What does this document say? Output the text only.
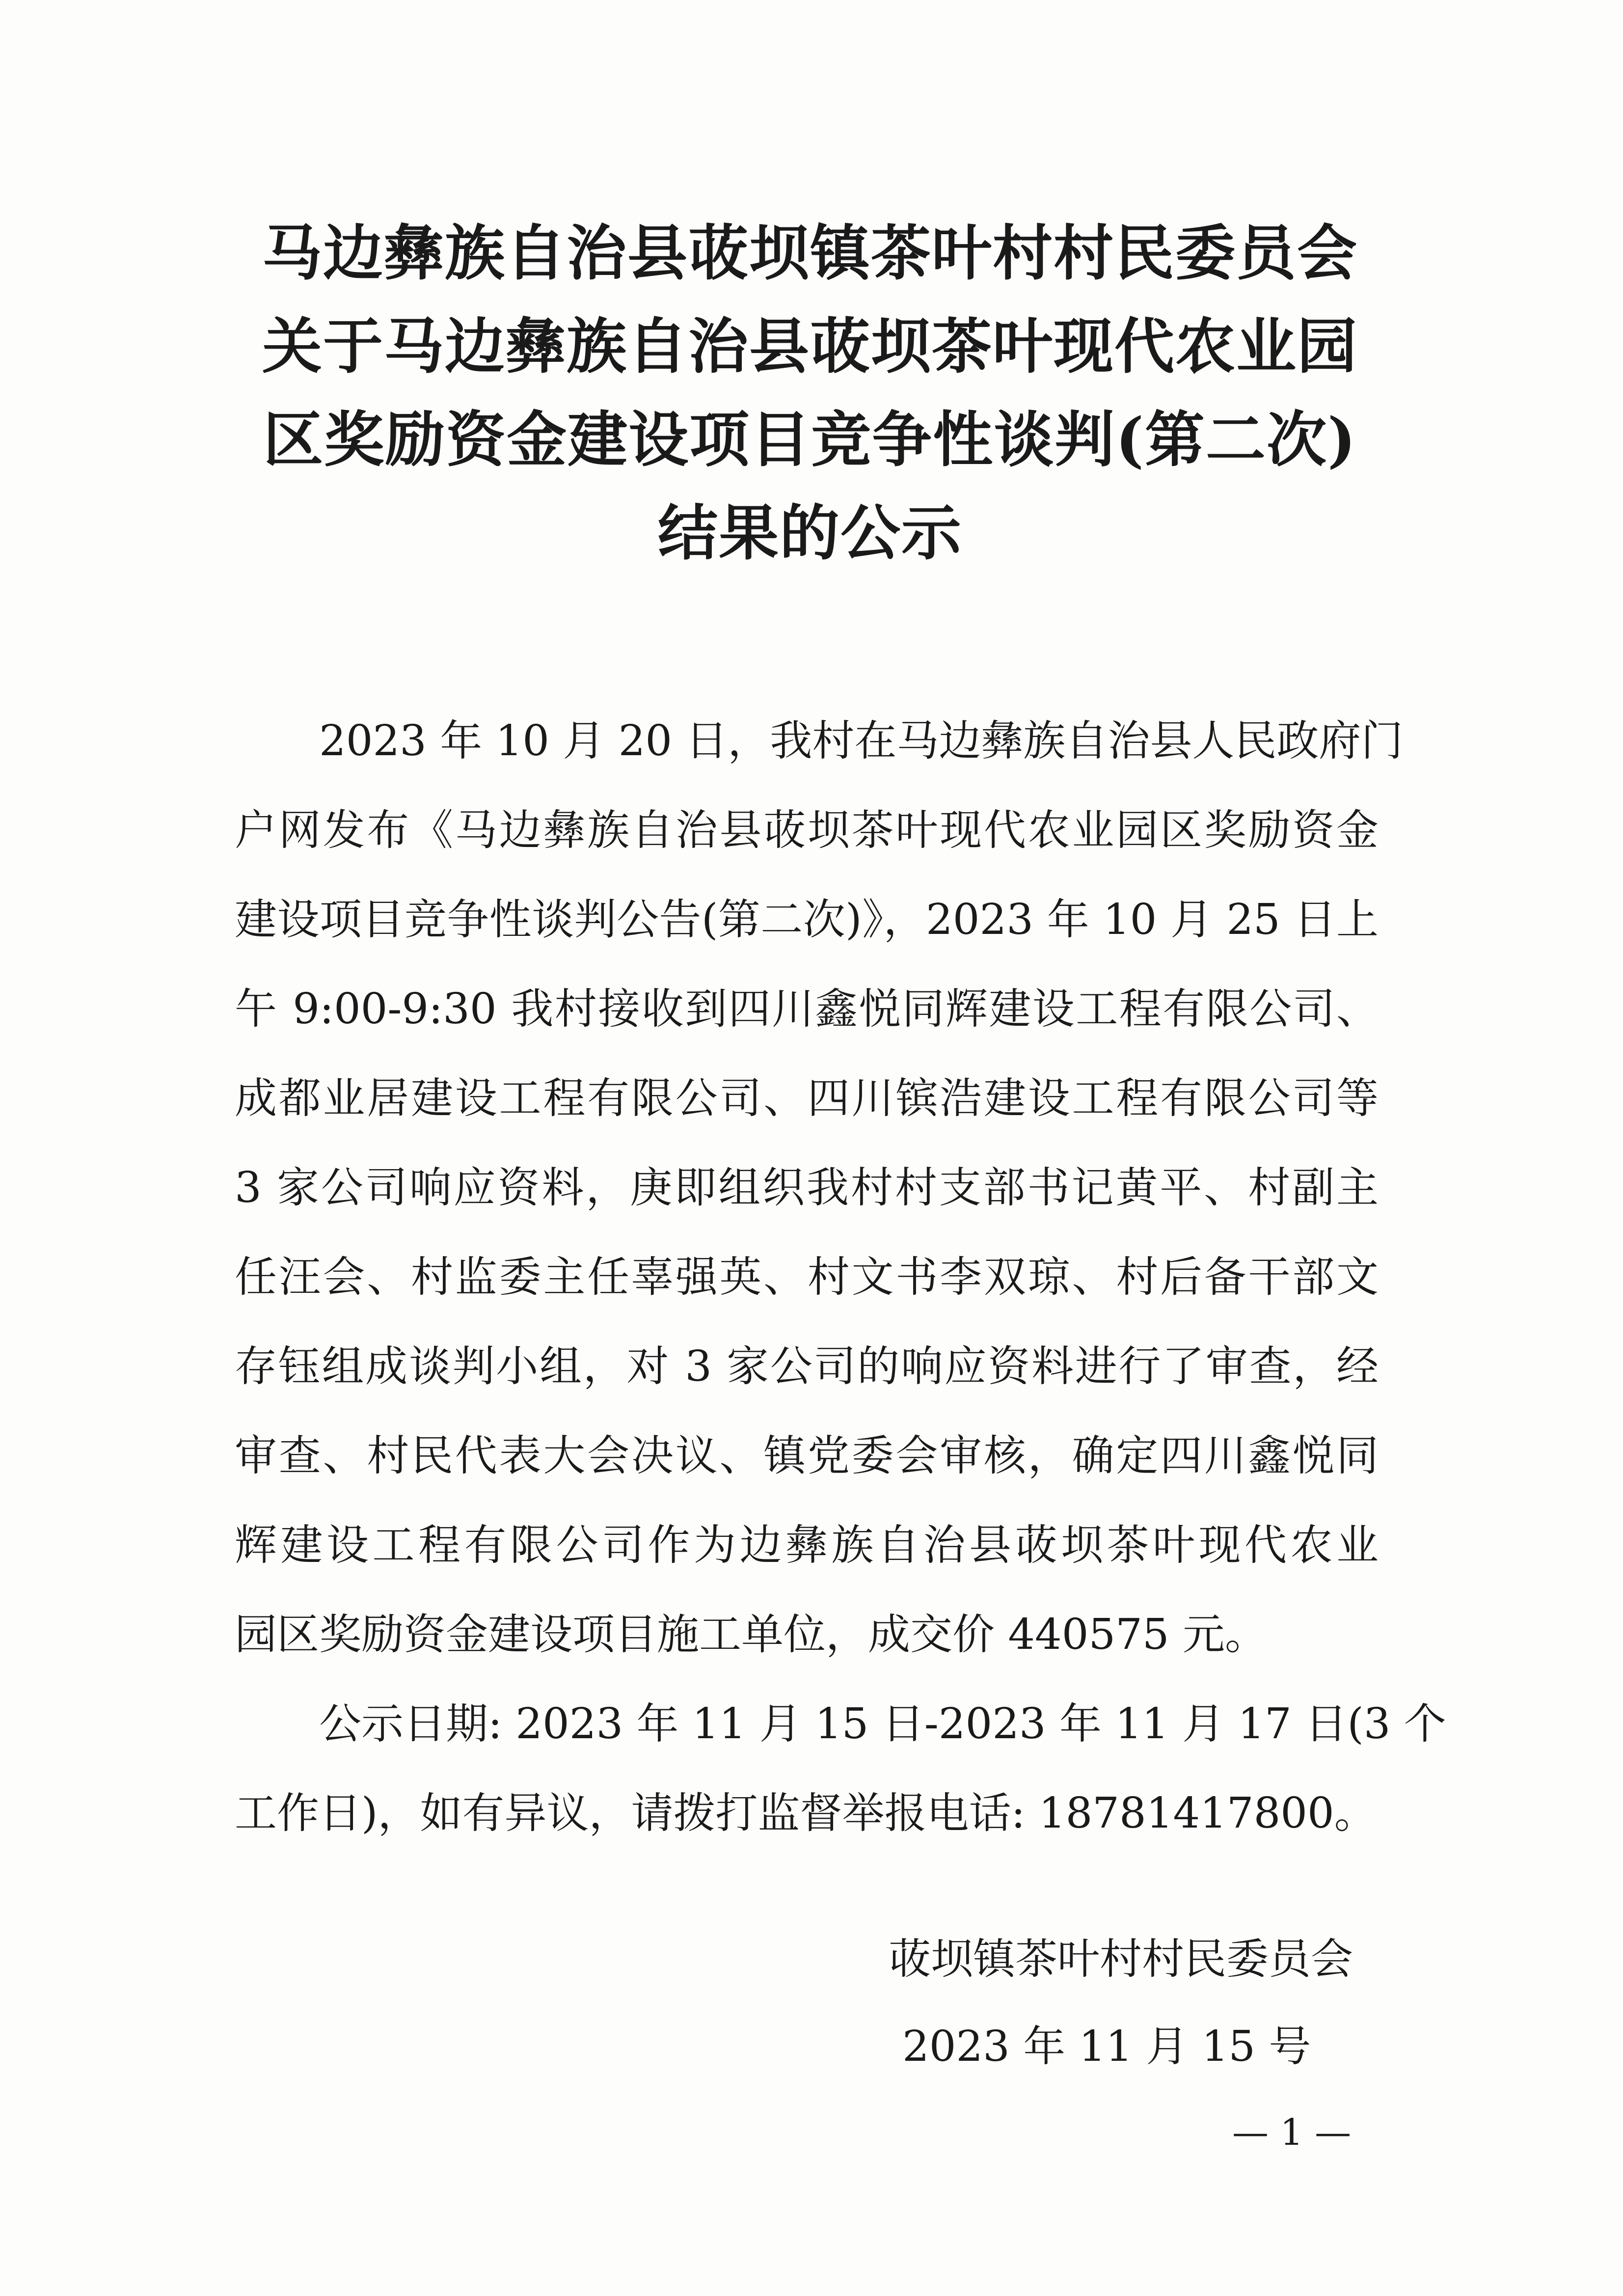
马边彝族自治县荍坝镇茶叶村村民委员会
关于马边彝族自治县荍坝茶叶现代农业园
区奖励资金建设项目竞争性谈判(第二次)
结果的公示
　　2023 年 10 月 20 日，我村在马边彝族自治县人民政府门
户网发布《马边彝族自治县荍坝茶叶现代农业园区奖励资金
建设项目竞争性谈判公告(第二次)》，2023 年 10 月 25 日上
午 9:00-9:30 我村接收到四川鑫悦同辉建设工程有限公司、
成都业居建设工程有限公司、四川镔浩建设工程有限公司等
3 家公司响应资料，庚即组织我村村支部书记黄平、村副主
任汪会、村监委主任辜强英、村文书李双琼、村后备干部文
存钰组成谈判小组，对 3 家公司的响应资料进行了审查，经
审查、村民代表大会决议、镇党委会审核，确定四川鑫悦同
辉建设工程有限公司作为边彝族自治县荍坝茶叶现代农业
园区奖励资金建设项目施工单位，成交价 440575 元。
　　公示日期: 2023 年 11 月 15 日-2023 年 11 月 17 日(3 个
工作日)，如有异议，请拨打监督举报电话: 18781417800。
荍坝镇茶叶村村民委员会
2023 年 11 月 15 号
— 1 —
